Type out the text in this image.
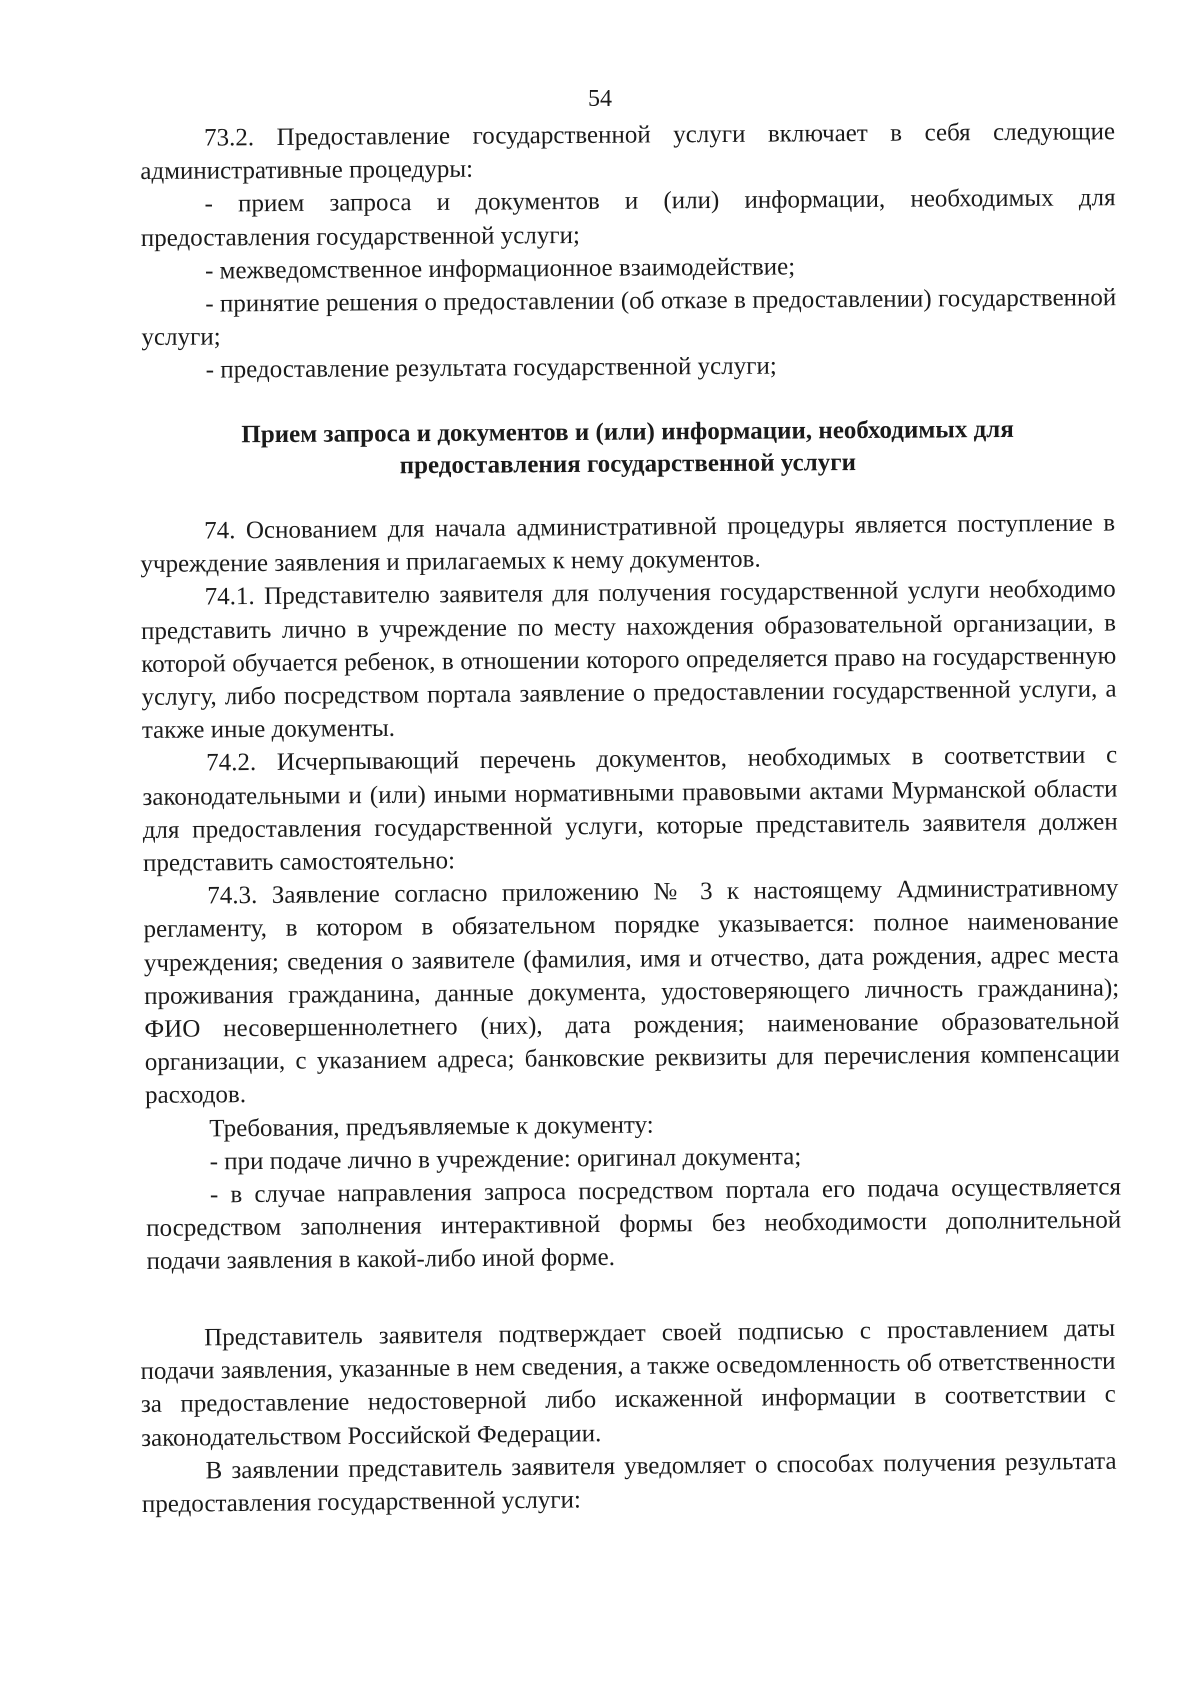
54

73.2. Предоставление государственной услуги включает в себя следующие административные процедуры:

- прием запроса и документов и (или) информации, необходимых для предоставления государственной услуги;

- межведомственное информационное взаимодействие;

- принятие решения о предоставлении (об отказе в предоставлении) государственной услуги;

- предоставление результата государственной услуги;

Прием запроса и документов и (или) информации, необходимых для
предоставления государственной услуги

74. Основанием для начала административной процедуры является поступление в учреждение заявления и прилагаемых к нему документов.

74.1. Представителю заявителя для получения государственной услуги необходимо представить лично в учреждение по месту нахождения образовательной организации, в которой обучается ребенок, в отношении которого определяется право на государственную услугу, либо посредством портала заявление о предоставлении государственной услуги, а также иные документы.

74.2. Исчерпывающий перечень документов, необходимых в соответствии с законодательными и (или) иными нормативными правовыми актами Мурманской области для предоставления государственной услуги, которые представитель заявителя должен представить самостоятельно:

74.3. Заявление согласно приложению № 3 к настоящему Административному регламенту, в котором в обязательном порядке указывается: полное наименование учреждения; сведения о заявителе (фамилия, имя и отчество, дата рождения, адрес места проживания гражданина, данные документа, удостоверяющего личность гражданина); ФИО несовершеннолетнего (них), дата рождения; наименование образовательной организации, с указанием адреса; банковские реквизиты для перечисления компенсации расходов.

Требования, предъявляемые к документу:

- при подаче лично в учреждение: оригинал документа;

- в случае направления запроса посредством портала его подача осуществляется посредством заполнения интерактивной формы без необходимости дополнительной подачи заявления в какой-либо иной форме.

Представитель заявителя подтверждает своей подписью с проставлением даты подачи заявления, указанные в нем сведения, а также осведомленность об ответственности за предоставление недостоверной либо искаженной информации в соответствии с законодательством Российской Федерации.

В заявлении представитель заявителя уведомляет о способах получения результата предоставления государственной услуги:
